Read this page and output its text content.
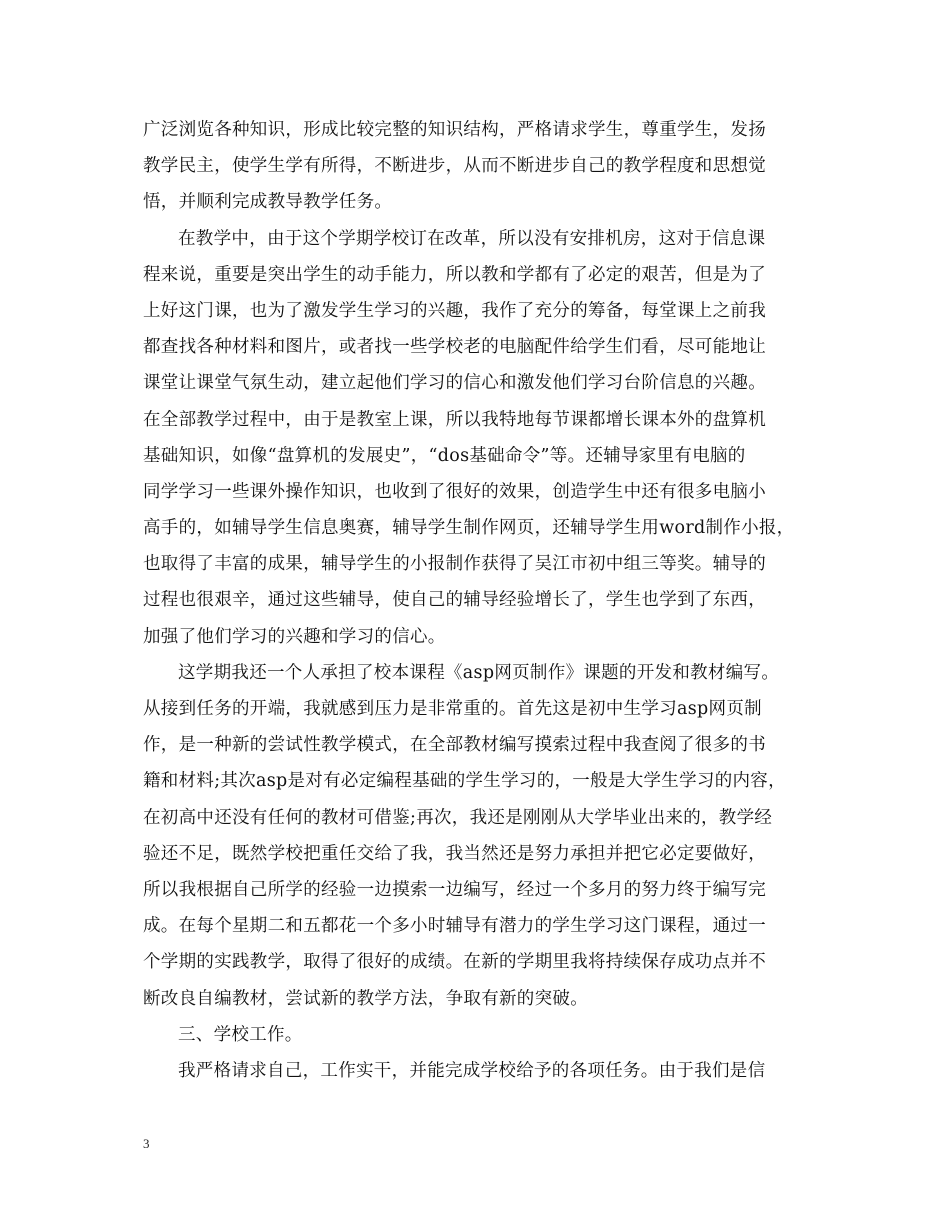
广泛浏览各种知识，形成比较完整的知识结构，严格请求学生，尊重学生，发扬
教学民主，使学生学有所得，不断进步，从而不断进步自己的教学程度和思想觉
悟，并顺利完成教导教学任务。
在教学中，由于这个学期学校订在改革，所以没有安排机房，这对于信息课
程来说，重要是突出学生的动手能力，所以教和学都有了必定的艰苦，但是为了
上好这门课，也为了激发学生学习的兴趣，我作了充分的筹备，每堂课上之前我
都查找各种材料和图片，或者找一些学校老的电脑配件给学生们看，尽可能地让
课堂让课堂气氛生动，建立起他们学习的信心和激发他们学习台阶信息的兴趣。
在全部教学过程中，由于是教室上课，所以我特地每节课都增长课本外的盘算机
基础知识，如像“盘算机的发展史”，“dos基础命令”等。还辅导家里有电脑的
同学学习一些课外操作知识，也收到了很好的效果，创造学生中还有很多电脑小
高手的，如辅导学生信息奥赛，辅导学生制作网页，还辅导学生用word制作小报，
也取得了丰富的成果，辅导学生的小报制作获得了吴江市初中组三等奖。辅导的
过程也很艰辛，通过这些辅导，使自己的辅导经验增长了，学生也学到了东西，
加强了他们学习的兴趣和学习的信心。
这学期我还一个人承担了校本课程《asp网页制作》课题的开发和教材编写。
从接到任务的开端，我就感到压力是非常重的。首先这是初中生学习asp网页制
作，是一种新的尝试性教学模式，在全部教材编写摸索过程中我查阅了很多的书
籍和材料;其次asp是对有必定编程基础的学生学习的，一般是大学生学习的内容，
在初高中还没有任何的教材可借鉴;再次，我还是刚刚从大学毕业出来的，教学经
验还不足，既然学校把重任交给了我，我当然还是努力承担并把它必定要做好，
所以我根据自己所学的经验一边摸索一边编写，经过一个多月的努力终于编写完
成。在每个星期二和五都花一个多小时辅导有潜力的学生学习这门课程，通过一
个学期的实践教学，取得了很好的成绩。在新的学期里我将持续保存成功点并不
断改良自编教材，尝试新的教学方法，争取有新的突破。
三、学校工作。
我严格请求自己，工作实干，并能完成学校给予的各项任务。由于我们是信
3
